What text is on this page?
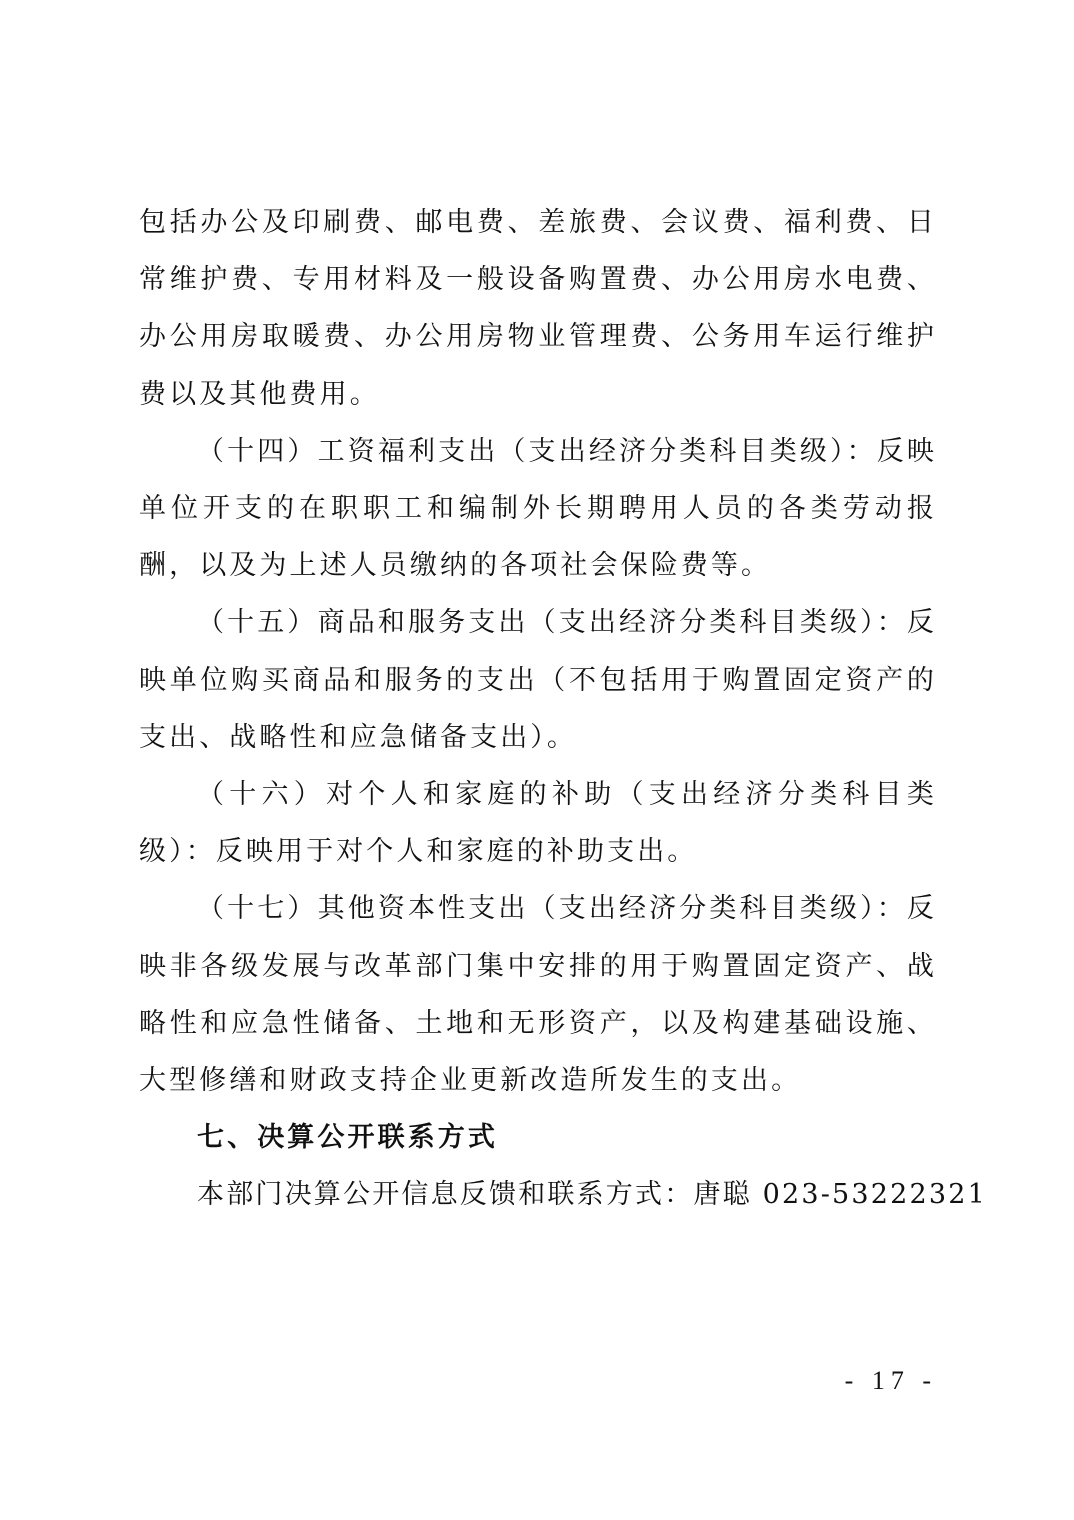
包括办公及印刷费、邮电费、差旅费、会议费、福利费、日常维护费、专用材料及一般设备购置费、办公用房水电费、办公用房取暖费、办公用房物业管理费、公务用车运行维护费以及其他费用。

（十四）工资福利支出（支出经济分类科目类级）：反映单位开支的在职职工和编制外长期聘用人员的各类劳动报酬，以及为上述人员缴纳的各项社会保险费等。

（十五）商品和服务支出（支出经济分类科目类级）：反映单位购买商品和服务的支出（不包括用于购置固定资产的支出、战略性和应急储备支出）。

（十六）对个人和家庭的补助（支出经济分类科目类级）：反映用于对个人和家庭的补助支出。

（十七）其他资本性支出（支出经济分类科目类级）：反映非各级发展与改革部门集中安排的用于购置固定资产、战略性和应急性储备、土地和无形资产，以及构建基础设施、大型修缮和财政支持企业更新改造所发生的支出。

七、决算公开联系方式

本部门决算公开信息反馈和联系方式：唐聪 023-53222321

- 17 -
